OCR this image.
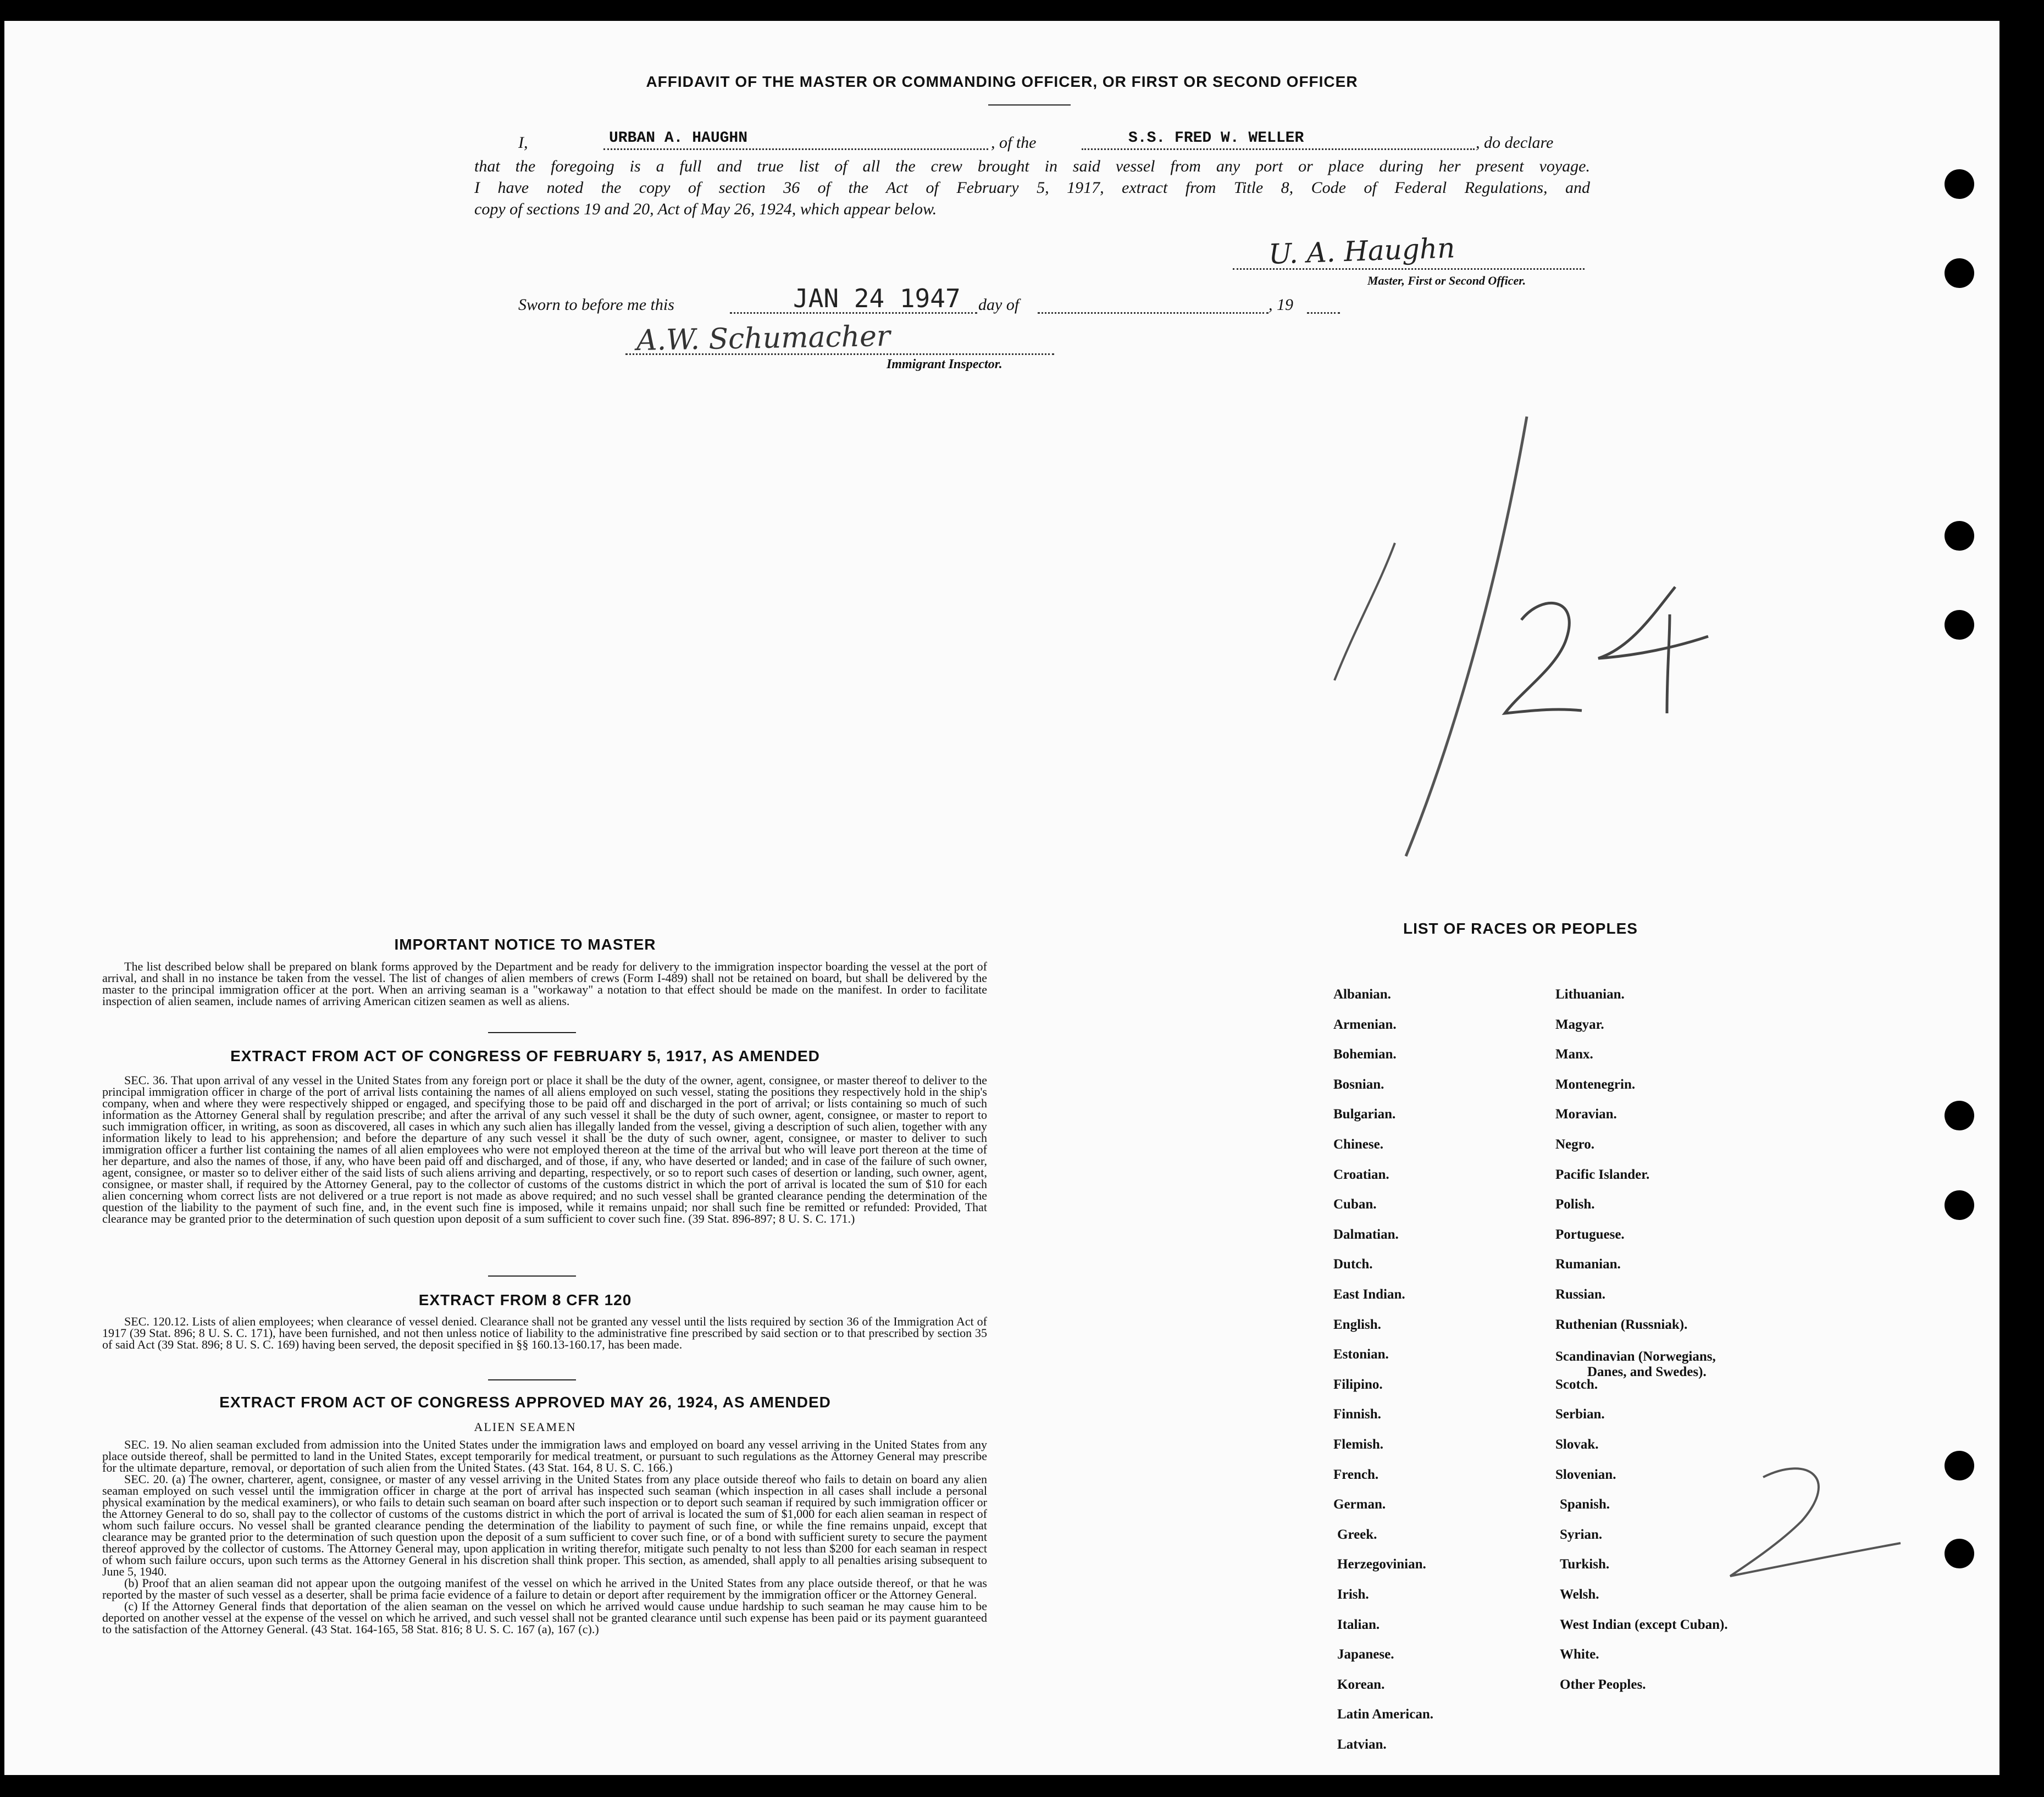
AFFIDAVIT OF THE MASTER OR COMMANDING OFFICER, OR FIRST OR SECOND OFFICER
I,	URBAN A. HAUGHN	, of the	S.S. FRED W. WELLER	, do declare
that the foregoing is a full and true list of all the crew brought in said vessel from any port or place during her present voyage.
I have noted the copy of section 36 of the Act of February 5, 1917, extract from Title 8, Code of Federal Regulations, and
copy of sections 19 and 20, Act of May 26, 1924, which appear below.
U. A. Haughn
Master, First or Second Officer.
Sworn to before me this	JAN 24 1947 day of	, 19
A.W. Schumacher
Immigrant Inspector.
IMPORTANT NOTICE TO MASTER
The list described below shall be prepared on blank forms approved by the Department and be ready for delivery to the immigration inspector boarding the vessel at the port of arrival, and shall in no instance be taken from the vessel. The list of changes of alien members of crews (Form I-489) shall not be retained on board, but shall be delivered by the master to the principal immigration officer at the port. When an arriving seaman is a "workaway" a notation to that effect should be made on the manifest. In order to facilitate inspection of alien seamen, include names of arriving American citizen seamen as well as aliens.
EXTRACT FROM ACT OF CONGRESS OF FEBRUARY 5, 1917, AS AMENDED
SEC. 36. That upon arrival of any vessel in the United States from any foreign port or place it shall be the duty of the owner, agent, consignee, or master thereof to deliver to the principal immigration officer in charge of the port of arrival lists containing the names of all aliens employed on such vessel, stating the positions they respectively hold in the ship's company, when and where they were respectively shipped or engaged, and specifying those to be paid off and discharged in the port of arrival; or lists containing so much of such information as the Attorney General shall by regulation prescribe; and after the arrival of any such vessel it shall be the duty of such owner, agent, consignee, or master to report to such immigration officer, in writing, as soon as discovered, all cases in which any such alien has illegally landed from the vessel, giving a description of such alien, together with any information likely to lead to his apprehension; and before the departure of any such vessel it shall be the duty of such owner, agent, consignee, or master to deliver to such immigration officer a further list containing the names of all alien employees who were not employed thereon at the time of the arrival but who will leave port thereon at the time of her departure, and also the names of those, if any, who have been paid off and discharged, and of those, if any, who have deserted or landed; and in case of the failure of such owner, agent, consignee, or master so to deliver either of the said lists of such aliens arriving and departing, respectively, or so to report such cases of desertion or landing, such owner, agent, consignee, or master shall, if required by the Attorney General, pay to the collector of customs of the customs district in which the port of arrival is located the sum of $10 for each alien concerning whom correct lists are not delivered or a true report is not made as above required; and no such vessel shall be granted clearance pending the determination of the question of the liability to the payment of such fine, and, in the event such fine is imposed, while it remains unpaid; nor shall such fine be remitted or refunded: Provided, That clearance may be granted prior to the determination of such question upon deposit of a sum sufficient to cover such fine. (39 Stat. 896-897; 8 U. S. C. 171.)
EXTRACT FROM 8 CFR 120
SEC. 120.12. Lists of alien employees; when clearance of vessel denied. Clearance shall not be granted any vessel until the lists required by section 36 of the Immigration Act of 1917 (39 Stat. 896; 8 U. S. C. 171), have been furnished, and not then unless notice of liability to the administrative fine prescribed by said section or to that prescribed by section 35 of said Act (39 Stat. 896; 8 U. S. C. 169) having been served, the deposit specified in §§ 160.13-160.17, has been made.
EXTRACT FROM ACT OF CONGRESS APPROVED MAY 26, 1924, AS AMENDED
ALIEN SEAMEN
SEC. 19. No alien seaman excluded from admission into the United States under the immigration laws and employed on board any vessel arriving in the United States from any place outside thereof, shall be permitted to land in the United States, except temporarily for medical treatment, or pursuant to such regulations as the Attorney General may prescribe for the ultimate departure, removal, or deportation of such alien from the United States. (43 Stat. 164, 8 U. S. C. 166.)
SEC. 20. (a) The owner, charterer, agent, consignee, or master of any vessel arriving in the United States from any place outside thereof who fails to detain on board any alien seaman employed on such vessel until the immigration officer in charge at the port of arrival has inspected such seaman (which inspection in all cases shall include a personal physical examination by the medical examiners), or who fails to detain such seaman on board after such inspection or to deport such seaman if required by such immigration officer or the Attorney General to do so, shall pay to the collector of customs of the customs district in which the port of arrival is located the sum of $1,000 for each alien seaman in respect of whom such failure occurs. No vessel shall be granted clearance pending the determination of the liability to payment of such fine, or while the fine remains unpaid, except that clearance may be granted prior to the determination of such question upon the deposit of a sum sufficient to cover such fine, or of a bond with sufficient surety to secure the payment thereof approved by the collector of customs. The Attorney General may, upon application in writing therefor, mitigate such penalty to not less than $200 for each seaman in respect of whom such failure occurs, upon such terms as the Attorney General in his discretion shall think proper. This section, as amended, shall apply to all penalties arising subsequent to June 5, 1940.
(b) Proof that an alien seaman did not appear upon the outgoing manifest of the vessel on which he arrived in the United States from any place outside thereof, or that he was reported by the master of such vessel as a deserter, shall be prima facie evidence of a failure to detain or deport after requirement by the immigration officer or the Attorney General.
(c) If the Attorney General finds that deportation of the alien seaman on the vessel on which he arrived would cause undue hardship to such seaman he may cause him to be deported on another vessel at the expense of the vessel on which he arrived, and such vessel shall not be granted clearance until such expense has been paid or its payment guaranteed to the satisfaction of the Attorney General. (43 Stat. 164-165, 58 Stat. 816; 8 U. S. C. 167 (a), 167 (c).)
LIST OF RACES OR PEOPLES
Albanian.
Armenian.
Bohemian.
Bosnian.
Bulgarian.
Chinese.
Croatian.
Cuban.
Dalmatian.
Dutch.
East Indian.
English.
Estonian.
Filipino.
Finnish.
Flemish.
French.
German.
Greek.
Herzegovinian.
Irish.
Italian.
Japanese.
Korean.
Latin American.
Latvian.
Lithuanian.
Magyar.
Manx.
Montenegrin.
Moravian.
Negro.
Pacific Islander.
Polish.
Portuguese.
Rumanian.
Russian.
Ruthenian (Russniak).
Scandinavian (Norwegians,
Danes, and Swedes).
Scotch.
Serbian.
Slovak.
Slovenian.
Spanish.
Syrian.
Turkish.
Welsh.
West Indian (except Cuban).
White.
Other Peoples.
